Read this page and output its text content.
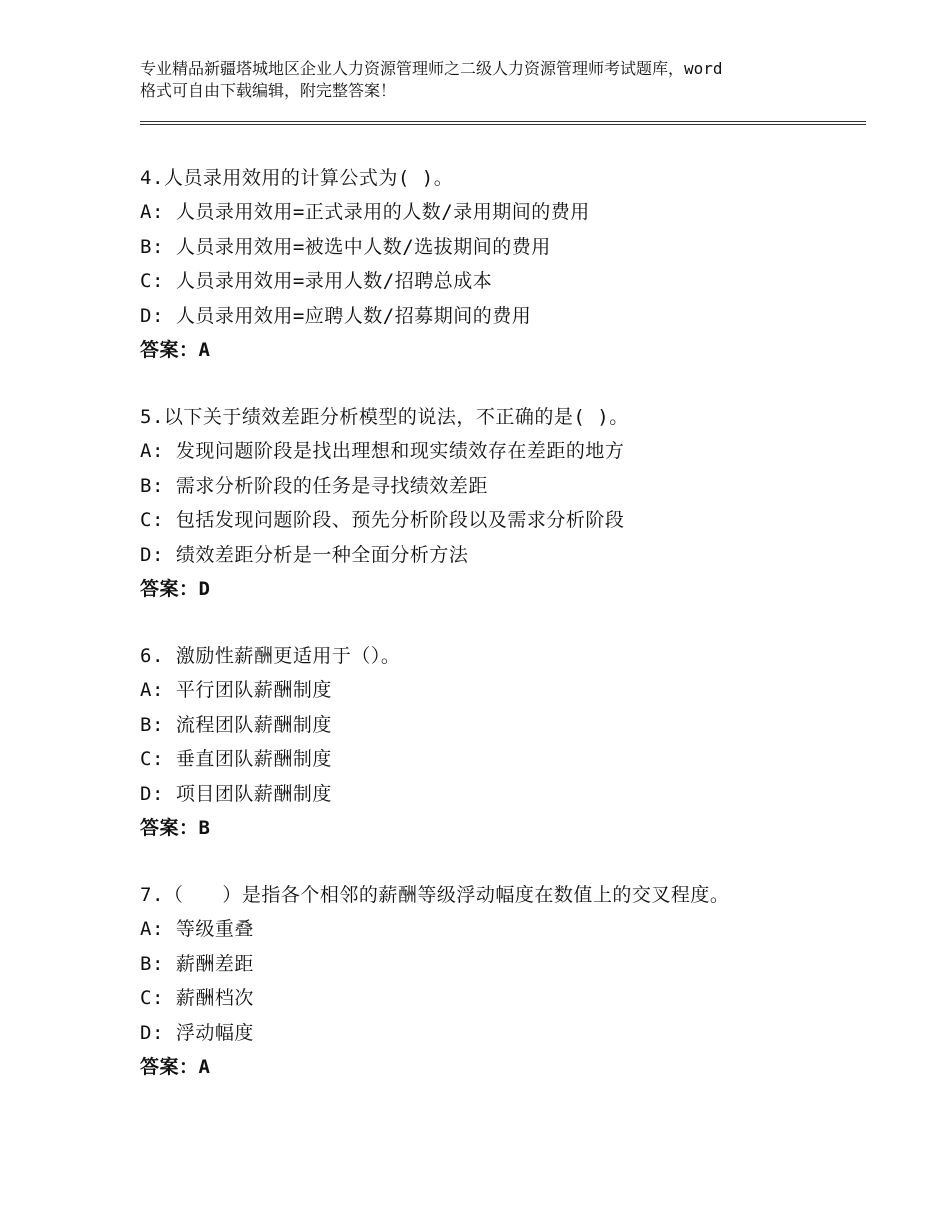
专业精品新疆塔城地区企业人力资源管理师之二级人力资源管理师考试题库，word
格式可自由下载编辑，附完整答案！
4.人员录用效用的计算公式为( )。
A: 人员录用效用=正式录用的人数/录用期间的费用
B: 人员录用效用=被选中人数/选拔期间的费用
C: 人员录用效用=录用人数/招聘总成本
D: 人员录用效用=应聘人数/招募期间的费用
答案：A
5.以下关于绩效差距分析模型的说法，不正确的是( )。
A: 发现问题阶段是找出理想和现实绩效存在差距的地方
B: 需求分析阶段的任务是寻找绩效差距
C: 包括发现问题阶段、预先分析阶段以及需求分析阶段
D: 绩效差距分析是一种全面分析方法
答案：D
6. 激励性薪酬更适用于（）。
A: 平行团队薪酬制度
B: 流程团队薪酬制度
C: 垂直团队薪酬制度
D: 项目团队薪酬制度
答案：B
7.（　　）是指各个相邻的薪酬等级浮动幅度在数值上的交叉程度。
A: 等级重叠
B: 薪酬差距
C: 薪酬档次
D: 浮动幅度
答案：A
